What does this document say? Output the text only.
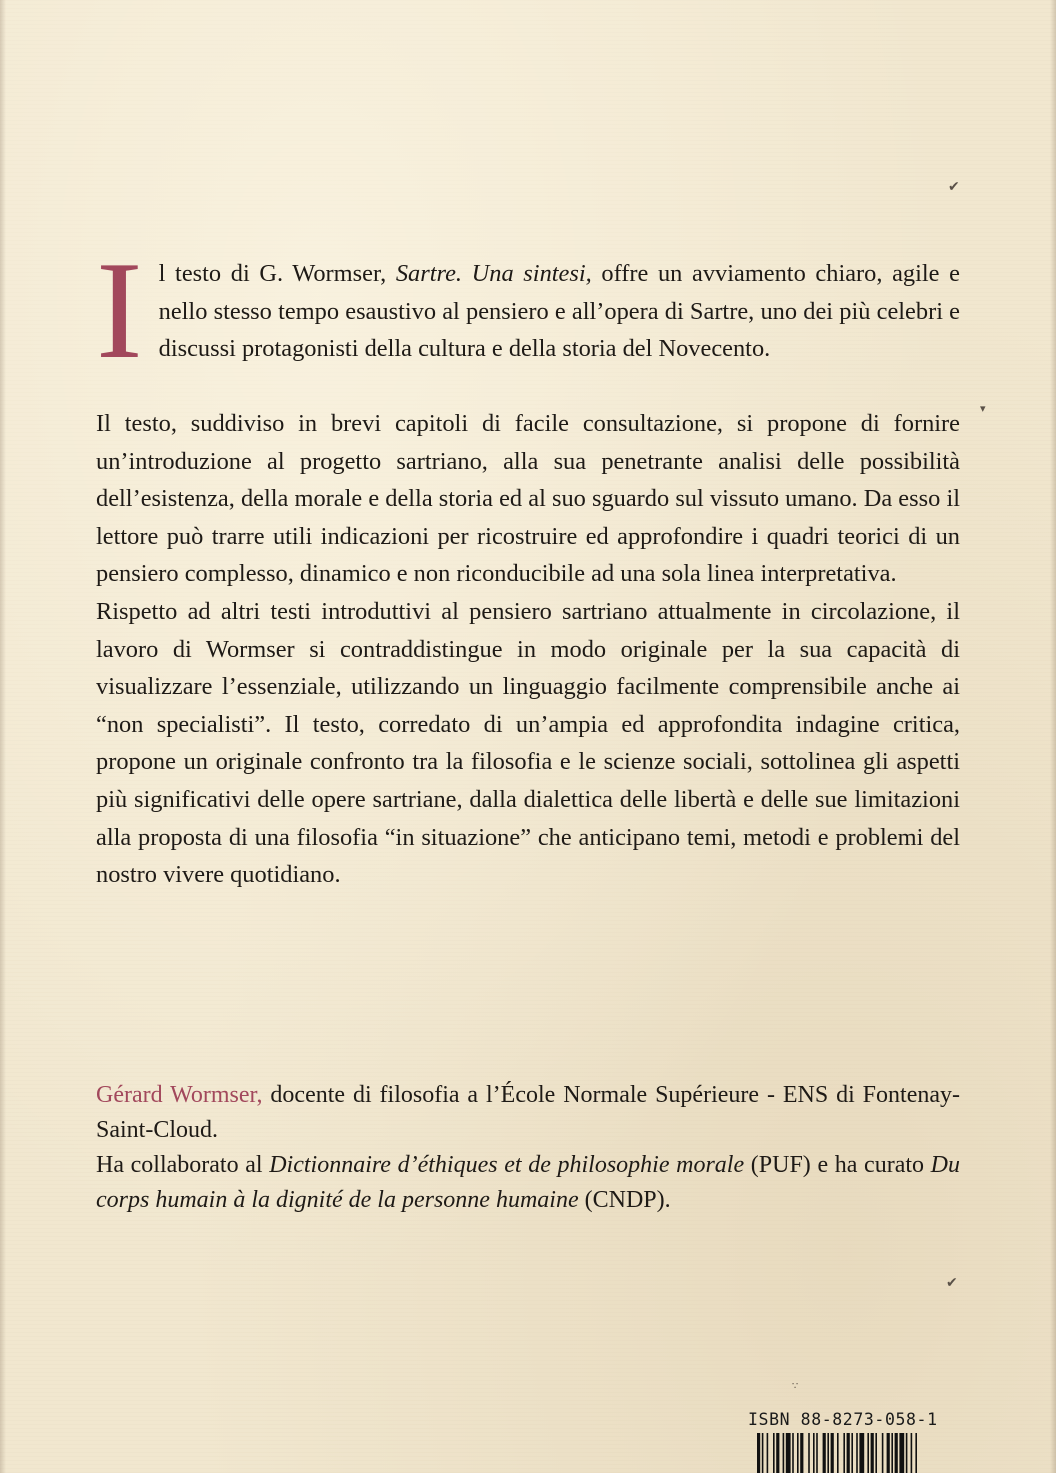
✔
▾
✔
∵

Il testo di G. Wormser, Sartre. Una sintesi, offre un avviamento chiaro, agile e nello stesso tempo esaustivo al pensiero e all’opera di Sartre, uno dei più celebri e discussi protagonisti della cultura e della storia del Novecento.

Il testo, suddiviso in brevi capitoli di facile consultazione, si propone di fornire un’introduzione al progetto sartriano, alla sua penetrante analisi delle possibilità dell’esistenza, della morale e della storia ed al suo sguardo sul vissuto umano. Da esso il lettore può trarre utili indicazioni per ricostruire ed approfondire i quadri teorici di un pensiero complesso, dinamico e non riconducibile ad una sola linea interpretativa.

Rispetto ad altri testi introduttivi al pensiero sartriano attualmente in circolazione, il lavoro di Wormser si contraddistingue in modo originale per la sua capacità di visualizzare l’essenziale, utilizzando un linguaggio facilmente comprensibile anche ai “non specialisti”. Il testo, corredato di un’ampia ed approfondita indagine critica, propone un originale confronto tra la filosofia e le scienze sociali, sottolinea gli aspetti più significativi delle opere sartriane, dalla dialettica delle libertà e delle sue limitazioni alla proposta di una filosofia “in situazione” che anticipano temi, metodi e problemi del nostro vivere quotidiano.

Gérard Wormser, docente di filosofia a l’École Normale Supérieure - ENS di Fontenay-Saint-Cloud.

Ha collaborato al Dictionnaire d’éthiques et de philosophie morale (PUF) e ha curato Du corps humain à la dignité de la personne humaine (CNDP).

ISBN 88-8273-058-1
